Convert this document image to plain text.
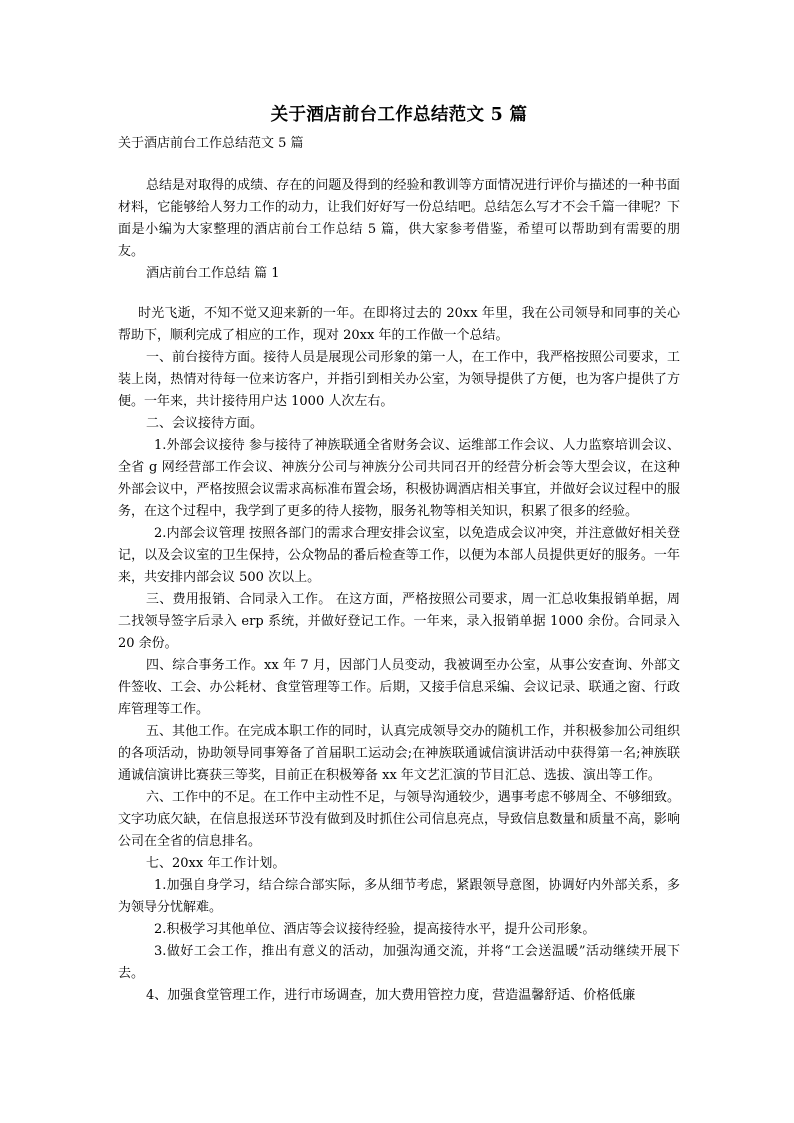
关于酒店前台工作总结范文 5 篇
关于酒店前台工作总结范文 5 篇

总结是对取得的成绩、存在的问题及得到的经验和教训等方面情况进行评价与描述的一种书面材料，它能够给人努力工作的动力，让我们好好写一份总结吧。总结怎么写才不会千篇一律呢？下面是小编为大家整理的酒店前台工作总结 5 篇，供大家参考借鉴，希望可以帮助到有需要的朋友。

酒店前台工作总结 篇 1

时光飞逝，不知不觉又迎来新的一年。在即将过去的 20xx 年里，我在公司领导和同事的关心帮助下，顺利完成了相应的工作，现对 20xx 年的工作做一个总结。

一、前台接待方面。接待人员是展现公司形象的第一人，在工作中，我严格按照公司要求，工装上岗，热情对待每一位来访客户，并指引到相关办公室，为领导提供了方便，也为客户提供了方便。一年来，共计接待用户达 1000 人次左右。

二、会议接待方面。

1.外部会议接待 参与接待了神族联通全省财务会议、运维部工作会议、人力监察培训会议、全省 g 网经营部工作会议、神族分公司与神族分公司共同召开的经营分析会等大型会议，在这种外部会议中，严格按照会议需求高标准布置会场，积极协调酒店相关事宜，并做好会议过程中的服务，在这个过程中，我学到了更多的待人接物，服务礼物等相关知识，积累了很多的经验。

2.内部会议管理 按照各部门的需求合理安排会议室，以免造成会议冲突，并注意做好相关登记，以及会议室的卫生保持，公众物品的番后检查等工作，以便为本部人员提供更好的服务。一年来，共安排内部会议 500 次以上。

三、费用报销、合同录入工作。 在这方面，严格按照公司要求，周一汇总收集报销单据，周二找领导签字后录入 erp 系统，并做好登记工作。一年来，录入报销单据 1000 余份。合同录入 20 余份。

四、综合事务工作。xx 年 7 月，因部门人员变动，我被调至办公室，从事公安查询、外部文件签收、工会、办公耗材、食堂管理等工作。后期，又接手信息采编、会议记录、联通之窗、行政库管理等工作。

五、其他工作。在完成本职工作的同时，认真完成领导交办的随机工作，并积极参加公司组织的各项活动，协助领导同事筹备了首届职工运动会;在神族联通诚信演讲活动中获得第一名;神族联通诚信演讲比赛获三等奖，目前正在积极筹备 xx 年文艺汇演的节目汇总、选拔、演出等工作。

六、工作中的不足。在工作中主动性不足，与领导沟通较少，遇事考虑不够周全、不够细致。文字功底欠缺，在信息报送环节没有做到及时抓住公司信息亮点，导致信息数量和质量不高，影响公司在全省的信息排名。

七、20xx 年工作计划。

1.加强自身学习，结合综合部实际，多从细节考虑，紧跟领导意图，协调好内外部关系，多为领导分忧解难。

2.积极学习其他单位、酒店等会议接待经验，提高接待水平，提升公司形象。

3.做好工会工作，推出有意义的活动，加强沟通交流，并将“工会送温暖”活动继续开展下去。

4、加强食堂管理工作，进行市场调查，加大费用管控力度，营造温馨舒适、价格低廉
